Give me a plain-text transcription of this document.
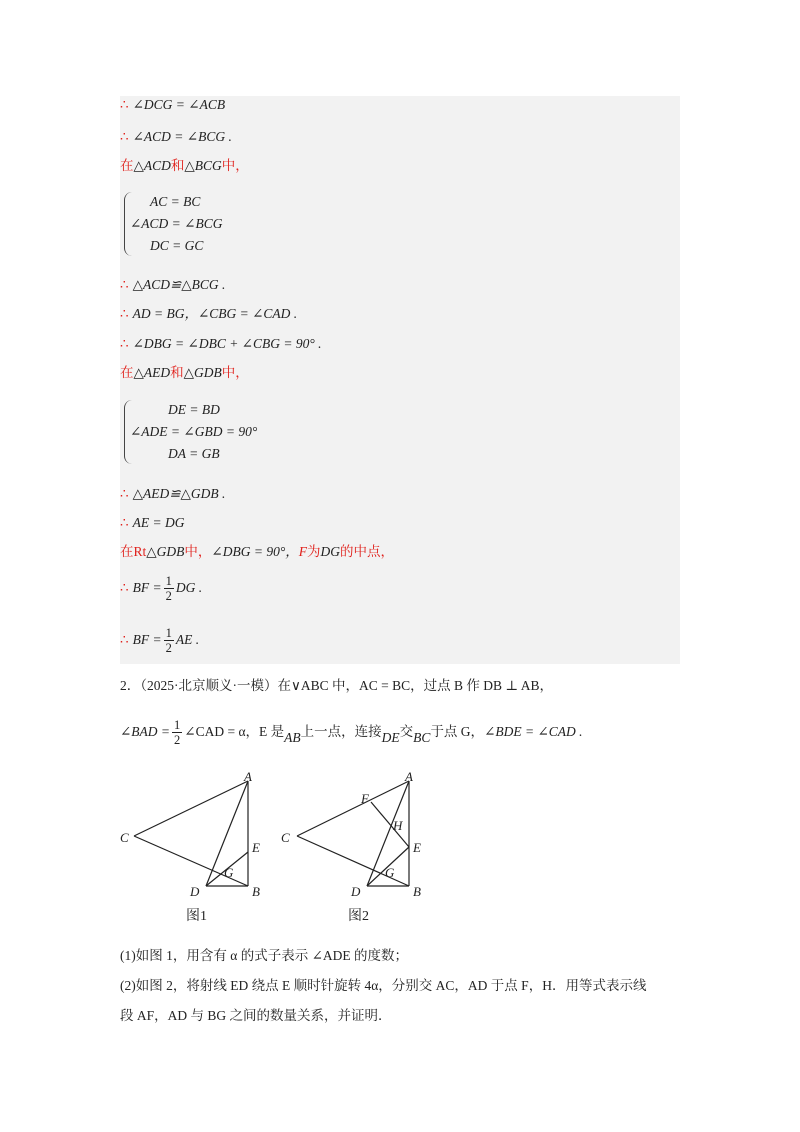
∴ ∠DCG = ∠ACB
∴ ∠ACD = ∠BCG .
在△ACD和△BCG中，
AC = BC
∠ACD = ∠BCG
DC = GC
∴ △ACD≌△BCG .
∴ AD = BG，∠CBG = ∠CAD .
∴ ∠DBG = ∠DBC + ∠CBG = 90° .
在△AED和△GDB中，
DE = BD
∠ADE = ∠GBD = 90°
DA = GB
∴ △AED≌△GDB .
∴ AE = DG
在Rt△GDB中，∠DBG = 90°，F为DG的中点，
∴ BF = $\frac{1}{2}$ DG .
∴ BF = $\frac{1}{2}$ AE .
2．（2025·北京顺义·一模）在∨ABC 中，AC = BC，过点 B 作 DB ⊥ AB，
∠BAD = $\frac{1}{2}$ ∠CAD = α，E 是AB上一点，连接DE交BC于点 G，∠BDE = ∠CAD .
A
B
C
D
E
G
图1
A
B
C
D
E
G
F
H
图2
(1)如图 1，用含有 α 的式子表示 ∠ADE 的度数；
(2)如图 2，将射线 ED 绕点 E 顺时针旋转 4α，分别交 AC，AD 于点 F，H．用等式表示线
段 AF，AD 与 BG 之间的数量关系，并证明．
